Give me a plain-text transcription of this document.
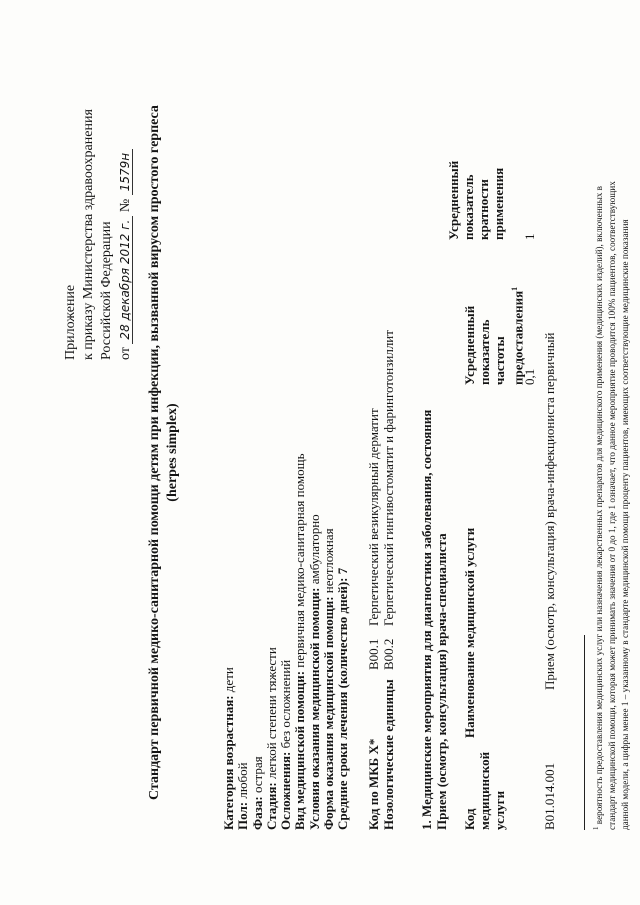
Приложение к приказу Министерства здравоохранения Российской Федерации от 28 декабря 2012 г. № 1579н Стандарт первичной медико-санитарной помощи детям при инфекции, вызванной вирусом простого герпеса (herpes simplex)
Категория возрастная: дети
Пол: любой
Фаза: острая
Стадия: легкой степени тяжести
Осложнения: без осложнений Вид медицинской помощи: первичная медико-санитарная помощь
Условия оказания медицинской помощи: амбулаторно
Форма оказания медицинской помощи: неотложная
Средние сроки лечения (количество дней): 7 Код по МКБ X*
B00.1
Герпетический везикулярный дерматит
Нозологические единицы
B00.2
Герпетический гингивостоматит и фаринготонзиллит 1. Медицинские мероприятия для диагностики заболевания, состояния Прием (осмотр, консультация) врача-специалиста Код медицинской услуги
Наименование медицинской услуги
Усредненный показатель частоты предоставления$^1$
Усредненный показатель кратности применения
B01.014.001
Прием (осмотр, консультация) врача-инфекциониста первичный
0,1
1
$^1$ вероятность предоставления медицинских услуг или назначения лекарственных препаратов для медицинского применения (медицинских изделий), включенных в стандарт медицинской помощи, которая может принимать значения от 0 до 1, где 1 означает, что данное мероприятие проводится 100% пациентов, соответствующих данной модели, а цифры менее 1 – указанному в стандарте медицинской помощи проценту пациентов, имеющих соответствующие медицинские показания
